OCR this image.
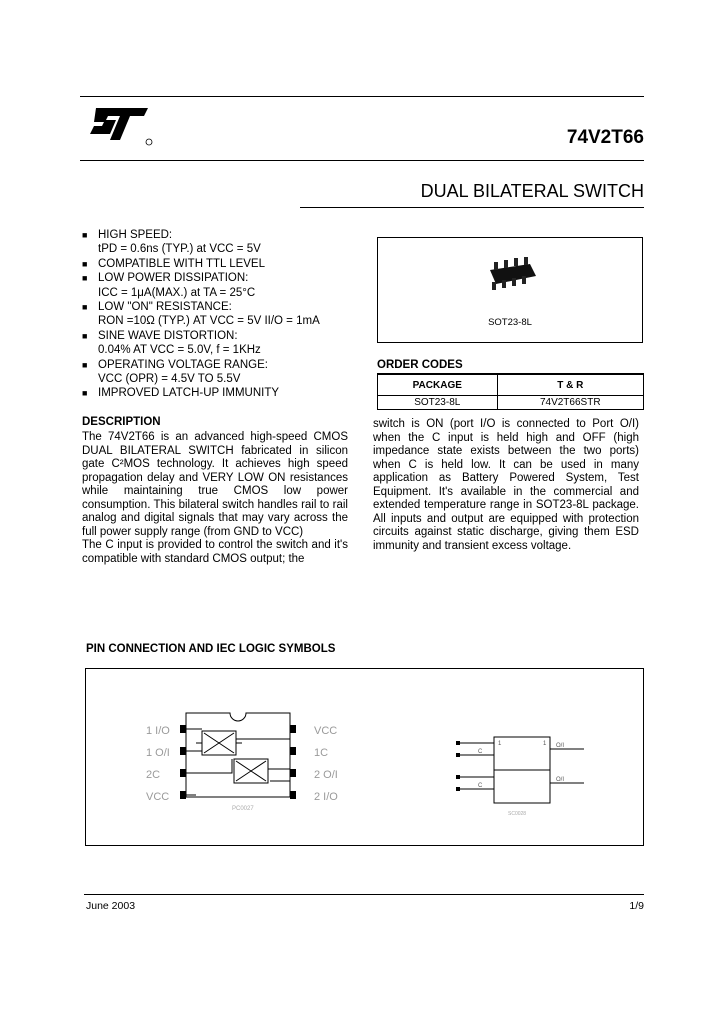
74V2T66
DUAL BILATERAL SWITCH
■ HIGH SPEED:
tPD = 0.6ns (TYP.) at VCC = 5V
■ COMPATIBLE WITH TTL LEVEL
■ LOW POWER DISSIPATION:
ICC = 1μA(MAX.) at TA = 25°C
■ LOW "ON" RESISTANCE:
RON =10Ω (TYP.) AT VCC = 5V II/O = 1mA
■ SINE WAVE DISTORTION:
0.04% AT VCC = 5.0V, f = 1KHz
■ OPERATING VOLTAGE RANGE:
VCC (OPR) = 4.5V TO 5.5V
■ IMPROVED LATCH-UP IMMUNITY
SOT23-8L
ORDER CODES
PACKAGE	T & R
SOT23-8L	74V2T66STR
DESCRIPTION
The 74V2T66 is an advanced high-speed CMOS DUAL BILATERAL SWITCH fabricated in silicon gate C²MOS technology. It achieves high speed propagation delay and VERY LOW ON resistances while maintaining true CMOS low power consumption. This bilateral switch handles rail to rail analog and digital signals that may vary across the full power supply range (from GND to VCC)
The C input is provided to control the switch and it's compatible with standard CMOS output; the
switch is ON (port I/O is connected to Port O/I) when the C input is held high and OFF (high impedance state exists between the two ports) when C is held low. It can be used in many application as Battery Powered System, Test Equipment. It's available in the commercial and extended temperature range in SOT23-8L package. All inputs and output are equipped with protection circuits against static discharge, giving them ESD immunity and transient excess voltage.
PIN CONNECTION AND IEC LOGIC SYMBOLS
PC0027
1 I/O
1 O/I
2C
VCC
VCC
1C
2 O/I
2 I/O
1	1
C
C
O/I
O/I
SC0028
June 2003	1/9
